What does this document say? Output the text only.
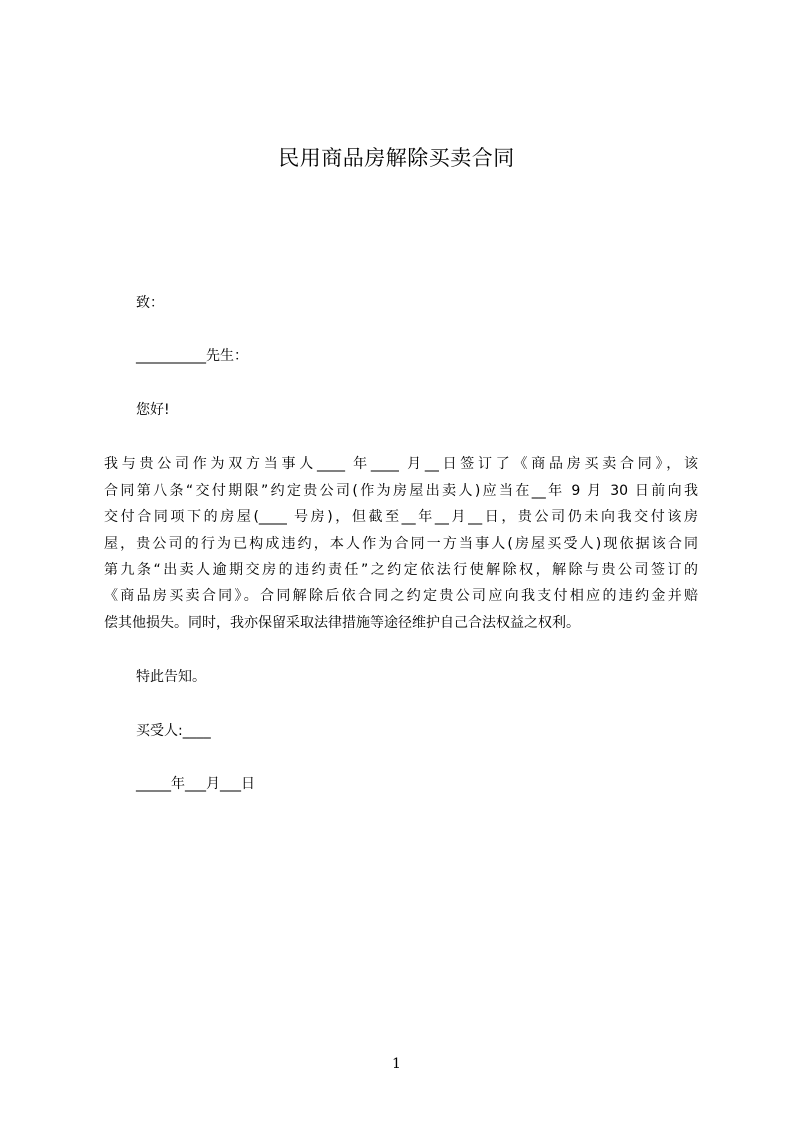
民用商品房解除买卖合同
致：
__________先生：
您好!
我与贵公司作为双方当事人____ 年____ 月__日签订了《商品房买卖合同》，该
合同第八条“交付期限”约定贵公司(作为房屋出卖人)应当在__年 9 月 30 日前向我
交付合同项下的房屋(____ 号房)，但截至__年__月__日，贵公司仍未向我交付该房
屋，贵公司的行为已构成违约，本人作为合同一方当事人(房屋买受人)现依据该合同
第九条“出卖人逾期交房的违约责任”之约定依法行使解除权，解除与贵公司签订的
《商品房买卖合同》。合同解除后依合同之约定贵公司应向我支付相应的违约金并赔
偿其他损失。同时，我亦保留采取法律措施等途径维护自己合法权益之权利。
特此告知。
买受人:____
_____年___月___日
1
